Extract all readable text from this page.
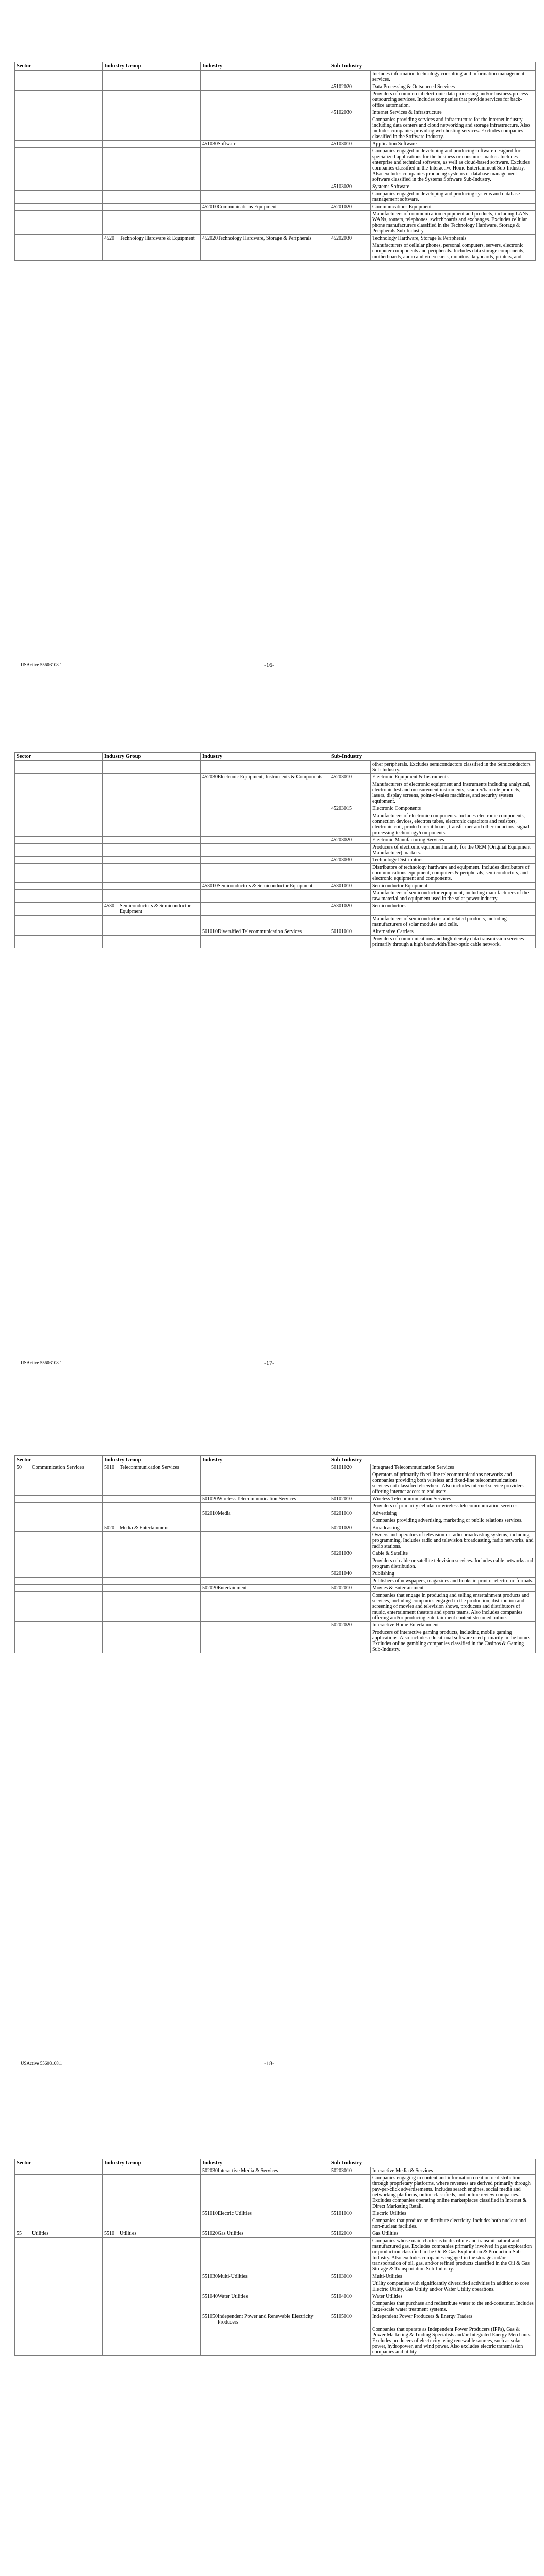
Sector		Industry Group		Industry		Sub-Industry	
							Includes information technology consulting and information management services.
						45102020	Data Processing & Outsourced Services
							Providers of commercial electronic data processing and/or business process outsourcing services. Includes companies that provide services for back-office automation.
						45102030	Internet Services & Infrastructure
							Companies providing services and infrastructure for the internet industry including data centers and cloud networking and storage infrastructure. Also includes companies providing web hosting services. Excludes companies classified in the Software Industry.
				451030	Software	45103010	Application Software
							Companies engaged in developing and producing software designed for specialized applications for the business or consumer market. Includes enterprise and technical software, as well as cloud-based software. Excludes companies classified in the Interactive Home Entertainment Sub-Industry. Also excludes companies producing systems or database management software classified in the Systems Software Sub-Industry.
						45103020	Systems Software
							Companies engaged in developing and producing systems and database management software.
				452010	Communications Equipment	45201020	Communications Equipment
							Manufacturers of communication equipment and products, including LANs, WANs, routers, telephones, switchboards and exchanges. Excludes cellular phone manufacturers classified in the Technology Hardware, Storage & Peripherals Sub-Industry.
		4520	Technology Hardware & Equipment	452020	Technology Hardware, Storage & Peripherals	45202030	Technology Hardware, Storage & Peripherals
							Manufacturers of cellular phones, personal computers, servers, electronic computer components and peripherals. Includes data storage components, motherboards, audio and video cards, monitors, keyboards, printers, and
USActive 55603108.1	-16-
Sector		Industry Group		Industry		Sub-Industry	
							other peripherals. Excludes semiconductors classified in the Semiconductors Sub-Industry.
				452030	Electronic Equipment, Instruments & Components	45203010	Electronic Equipment & Instruments
							Manufacturers of electronic equipment and instruments including analytical, electronic test and measurement instruments, scanner/barcode products, lasers, display screens, point-of-sales machines, and security system equipment.
						45203015	Electronic Components
							Manufacturers of electronic components. Includes electronic components, connection devices, electron tubes, electronic capacitors and resistors, electronic coil, printed circuit board, transformer and other inductors, signal processing technology/components.
						45203020	Electronic Manufacturing Services
							Producers of electronic equipment mainly for the OEM (Original Equipment Manufacturer) markets.
						45203030	Technology Distributors
							Distributors of technology hardware and equipment. Includes distributors of communications equipment, computers & peripherals, semiconductors, and electronic equipment and components.
				453010	Semiconductors & Semiconductor Equipment	45301010	Semiconductor Equipment
							Manufacturers of semiconductor equipment, including manufacturers of the raw material and equipment used in the solar power industry.
		4530	Semiconductors & Semiconductor Equipment			45301020	Semiconductors
							Manufacturers of semiconductors and related products, including manufacturers of solar modules and cells.
				501010	Diversified Telecommunication Services	50101010	Alternative Carriers
							Providers of communications and high-density data transmission services primarily through a high bandwidth/fiber-optic cable network.
USActive 55603108.1	-17-
Sector		Industry Group		Industry		Sub-Industry	
50	Communication Services	5010	Telecommunication Services			50101020	Integrated Telecommunication Services
							Operators of primarily fixed-line telecommunications networks and companies providing both wireless and fixed-line telecommunications services not classified elsewhere. Also includes internet service providers offering internet access to end users.
				501020	Wireless Telecommunication Services	50102010	Wireless Telecommunication Services
							Providers of primarily cellular or wireless telecommunication services.
				502010	Media	50201010	Advertising
							Companies providing advertising, marketing or public relations services.
		5020	Media & Entertainment			50201020	Broadcasting
							Owners and operators of television or radio broadcasting systems, including programming. Includes radio and television broadcasting, radio networks, and radio stations.
						50201030	Cable & Satellite
							Providers of cable or satellite television services. Includes cable networks and program distribution.
						50201040	Publishing
							Publishers of newspapers, magazines and books in print or electronic formats.
				502020	Entertainment	50202010	Movies & Entertainment
							Companies that engage in producing and selling entertainment products and services, including companies engaged in the production, distribution and screening of movies and television shows, producers and distributors of music, entertainment theaters and sports teams. Also includes companies offering and/or producing entertainment content streamed online.
						50202020	Interactive Home Entertainment
							Producers of interactive gaming products, including mobile gaming applications. Also includes educational software used primarily in the home. Excludes online gambling companies classified in the Casinos & Gaming Sub-Industry.
USActive 55603108.1	-18-
Sector		Industry Group		Industry		Sub-Industry	
				502030	Interactive Media & Services	50203010	Interactive Media & Services
							Companies engaging in content and information creation or distribution through proprietary platforms, where revenues are derived primarily through pay-per-click advertisements. Includes search engines, social media and networking platforms, online classifieds, and online review companies. Excludes companies operating online marketplaces classified in Internet & Direct Marketing Retail.
				551010	Electric Utilities	55101010	Electric Utilities
							Companies that produce or distribute electricity. Includes both nuclear and non-nuclear facilities.
55	Utilities	5510	Utilities	551020	Gas Utilities	55102010	Gas Utilities
							Companies whose main charter is to distribute and transmit natural and manufactured gas. Excludes companies primarily involved in gas exploration or production classified in the Oil & Gas Exploration & Production Sub-Industry. Also excludes companies engaged in the storage and/or transportation of oil, gas, and/or refined products classified in the Oil & Gas Storage & Transportation Sub-Industry.
				551030	Multi-Utilities	55103010	Multi-Utilities
							Utility companies with significantly diversified activities in addition to core Electric Utility, Gas Utility and/or Water Utility operations.
				551040	Water Utilities	55104010	Water Utilities
							Companies that purchase and redistribute water to the end-consumer. Includes large-scale water treatment systems.
				551050	Independent Power and Renewable Electricity Producers	55105010	Independent Power Producers & Energy Traders
							Companies that operate as Independent Power Producers (IPPs), Gas & Power Marketing & Trading Specialists and/or Integrated Energy Merchants. Excludes producers of electricity using renewable sources, such as solar power, hydropower, and wind power. Also excludes electric transmission companies and utility
